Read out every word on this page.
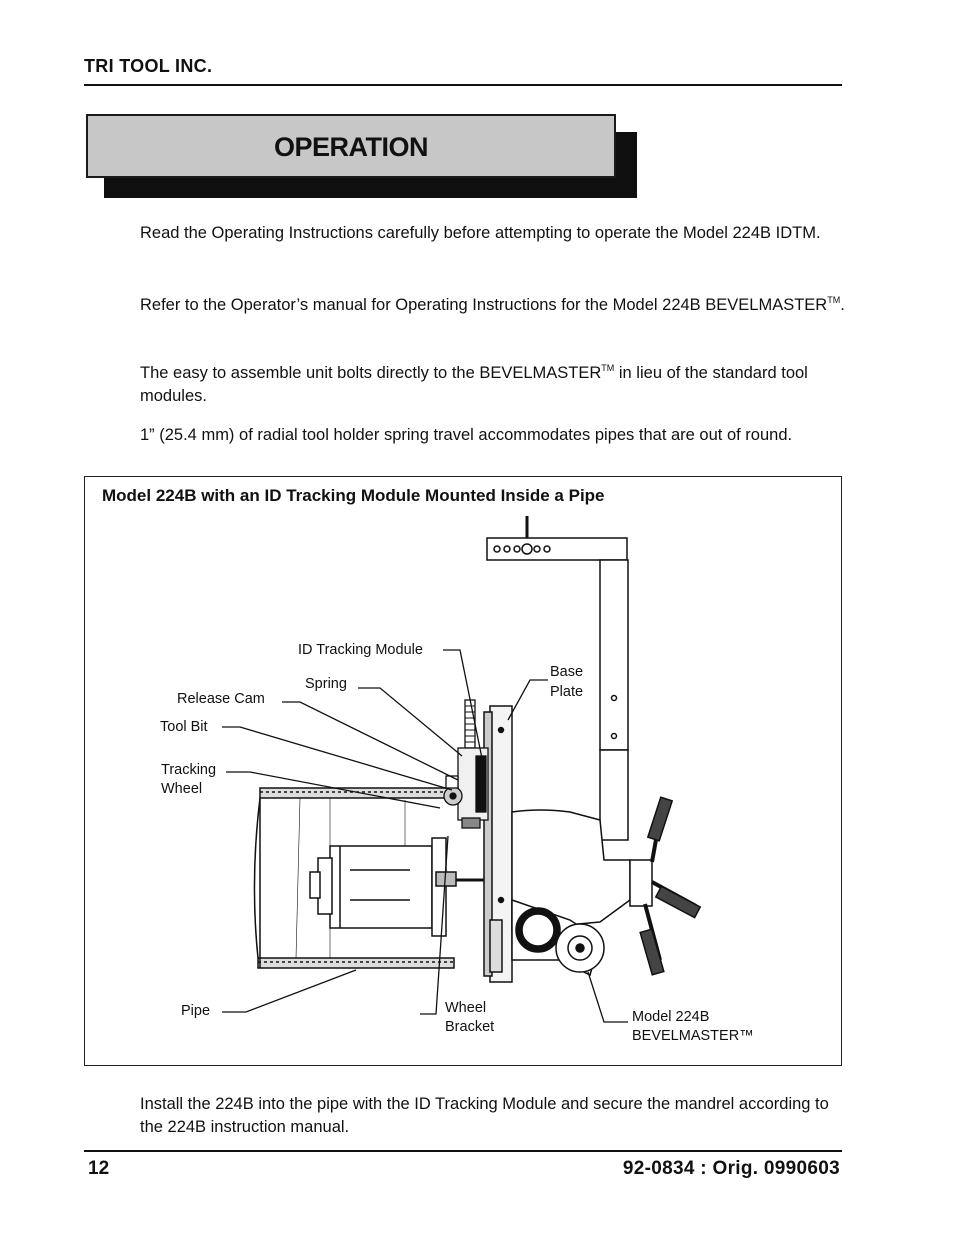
TRI TOOL INC.
OPERATION
Read the Operating Instructions carefully before attempting to operate the Model 224B IDTM.
Refer to the Operator’s manual for Operating Instructions for the Model 224B BEVELMASTER™.
The easy to assemble unit bolts directly to the BEVELMASTER™ in lieu of the standard tool modules.
1” (25.4 mm) of radial tool holder spring travel accommodates pipes that are out of round.
Model 224B with an ID Tracking Module Mounted Inside a Pipe
ID Tracking Module
Spring
Release Cam
Tool Bit
Tracking
Wheel
Base
Plate
Pipe	Wheel
Bracket
Model 224B
BEVELMASTER™
Install the 224B into the pipe with the ID Tracking Module and secure the mandrel according to the 224B instruction manual.
12	92-0834 : Orig. 0990603
